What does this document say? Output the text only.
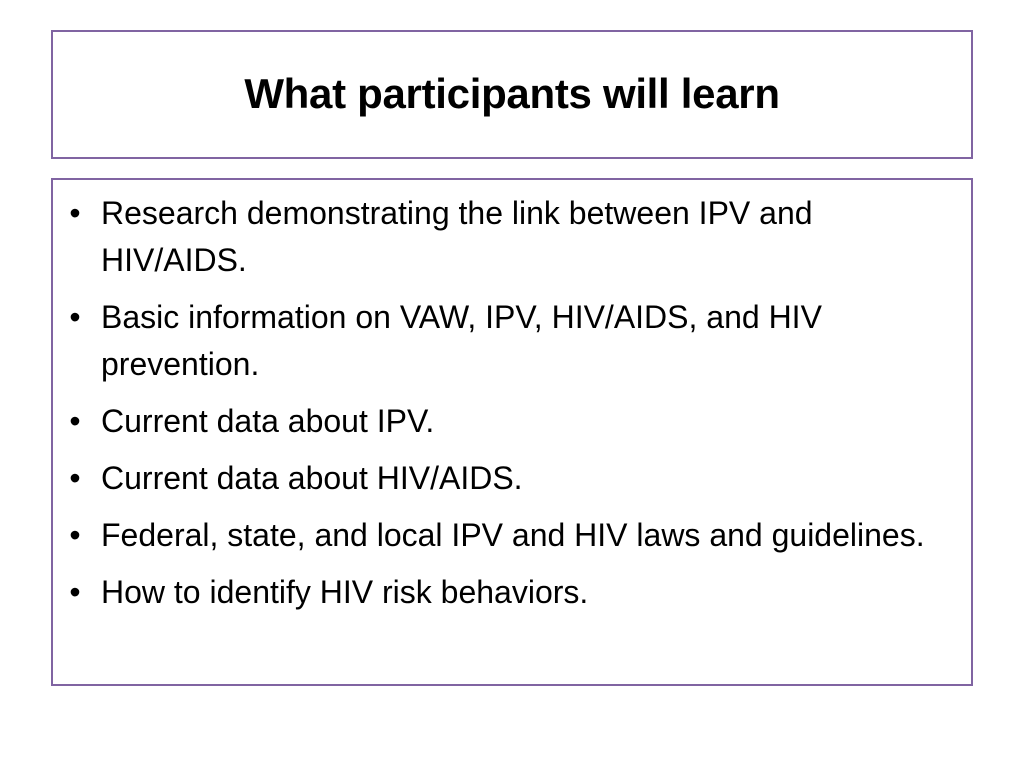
What participants will learn
• Research demonstrating the link between IPV and HIV/AIDS.
• Basic information on VAW, IPV, HIV/AIDS, and HIV prevention.
• Current data about IPV.
• Current data about HIV/AIDS.
• Federal, state, and local IPV and HIV laws and guidelines.
• How to identify HIV risk behaviors.
